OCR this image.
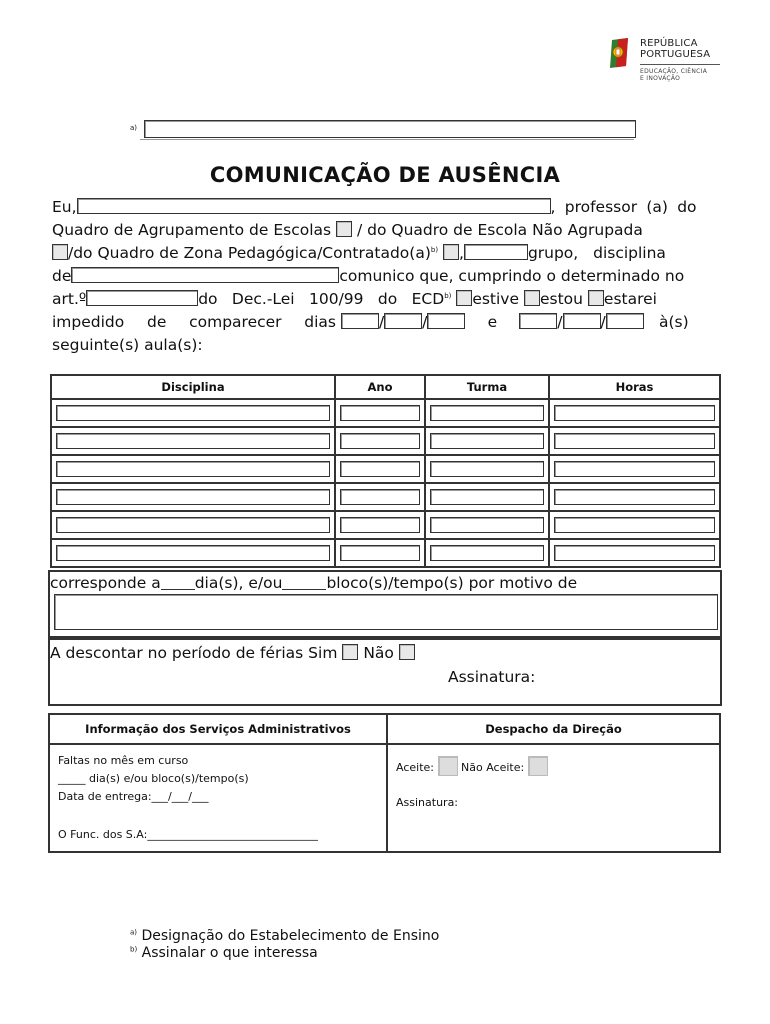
REPÚBLICA
PORTUGUESA
EDUCAÇÃO, CIÊNCIA
E INOVAÇÃO
a)
COMUNICAÇÃO DE AUSÊNCIA
Eu,	, professor (a) do
Quadro de Agrupamento de Escolas / do Quadro de Escola Não Agrupada
/do Quadro de Zona Pedagógica/$Contratado(a)^{b)}$ ,	grupo, disciplina
de	comunico que, cumprindo o determinado no
art.º	do Dec.-Lei 100/99 do ECD$^{b)}$ estive estou estarei
impedido de comparecer dias	/ /	e	/ /	à(s)
seguinte(s) aula(s):
Disciplina	Ano	Turma	Horas

corresponde a dia(s), e/ou	bloco(s)/tempo(s) por motivo de
A descontar no período de férias Sim Não
Assinatura:
Informação dos Serviços Administrativos	Despacho da Direção
Faltas no mês em curso
_____ dia(s) e/ou bloco(s)/tempo(s)
Data de entrega:___/___/___
O Func. dos S.A:_______________________________
Aceite: Não Aceite:
Assinatura:
$^{a)}$ Designação do Estabelecimento de Ensino
$^{b)}$ Assinalar o que interessa
